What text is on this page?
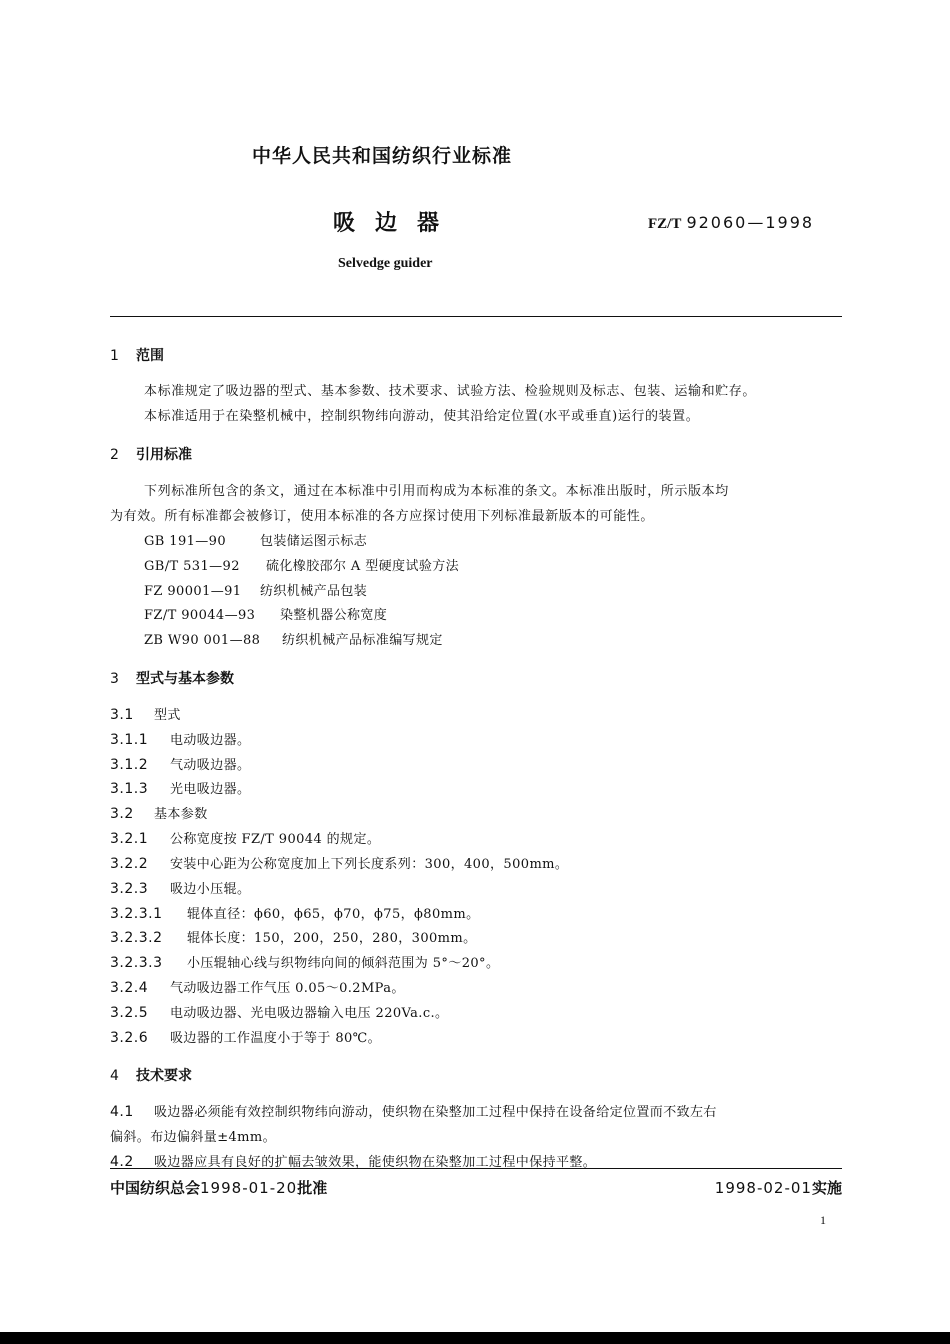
中华人民共和国纺织行业标准
吸边器	FZ/T 92060—1998
Selvedge guider
1 范围
本标准规定了吸边器的型式、基本参数、技术要求、试验方法、检验规则及标志、包装、运输和贮存。
本标准适用于在染整机械中，控制织物纬向游动，使其沿给定位置(水平或垂直)运行的装置。
2 引用标准
下列标准所包含的条文，通过在本标准中引用而构成为本标准的条文。本标准出版时，所示版本均
为有效。所有标准都会被修订，使用本标准的各方应探讨使用下列标准最新版本的可能性。
GB 191—90	包装储运图示标志
GB/T 531—92 硫化橡胶邵尔 A 型硬度试验方法
FZ 90001—91 纺织机械产品包装
FZ/T 90044—93 染整机器公称宽度
ZB W90 001—88 纺织机械产品标准编写规定
3 型式与基本参数
3.1 型式
3.1.1 电动吸边器。
3.1.2 气动吸边器。
3.1.3 光电吸边器。
3.2 基本参数
3.2.1 公称宽度按 FZ/T 90044 的规定。
3.2.2 安装中心距为公称宽度加上下列长度系列：300，400，500mm。
3.2.3 吸边小压辊。
3.2.3.1 辊体直径：ϕ60，ϕ65，ϕ70，ϕ75，ϕ80mm。
3.2.3.2 辊体长度：150，200，250，280，300mm。
3.2.3.3 小压辊轴心线与织物纬向间的倾斜范围为 5°～20°。
3.2.4 气动吸边器工作气压 0.05～0.2MPa。
3.2.5 电动吸边器、光电吸边器输入电压 220Va.c.。
3.2.6 吸边器的工作温度小于等于 80℃。
4 技术要求
4.1 吸边器必须能有效控制织物纬向游动，使织物在染整加工过程中保持在设备给定位置而不致左右
偏斜。布边偏斜量±4mm。
4.2 吸边器应具有良好的扩幅去皱效果，能使织物在染整加工过程中保持平整。
中国纺织总会1998-01-20批准	1998-02-01实施
1
